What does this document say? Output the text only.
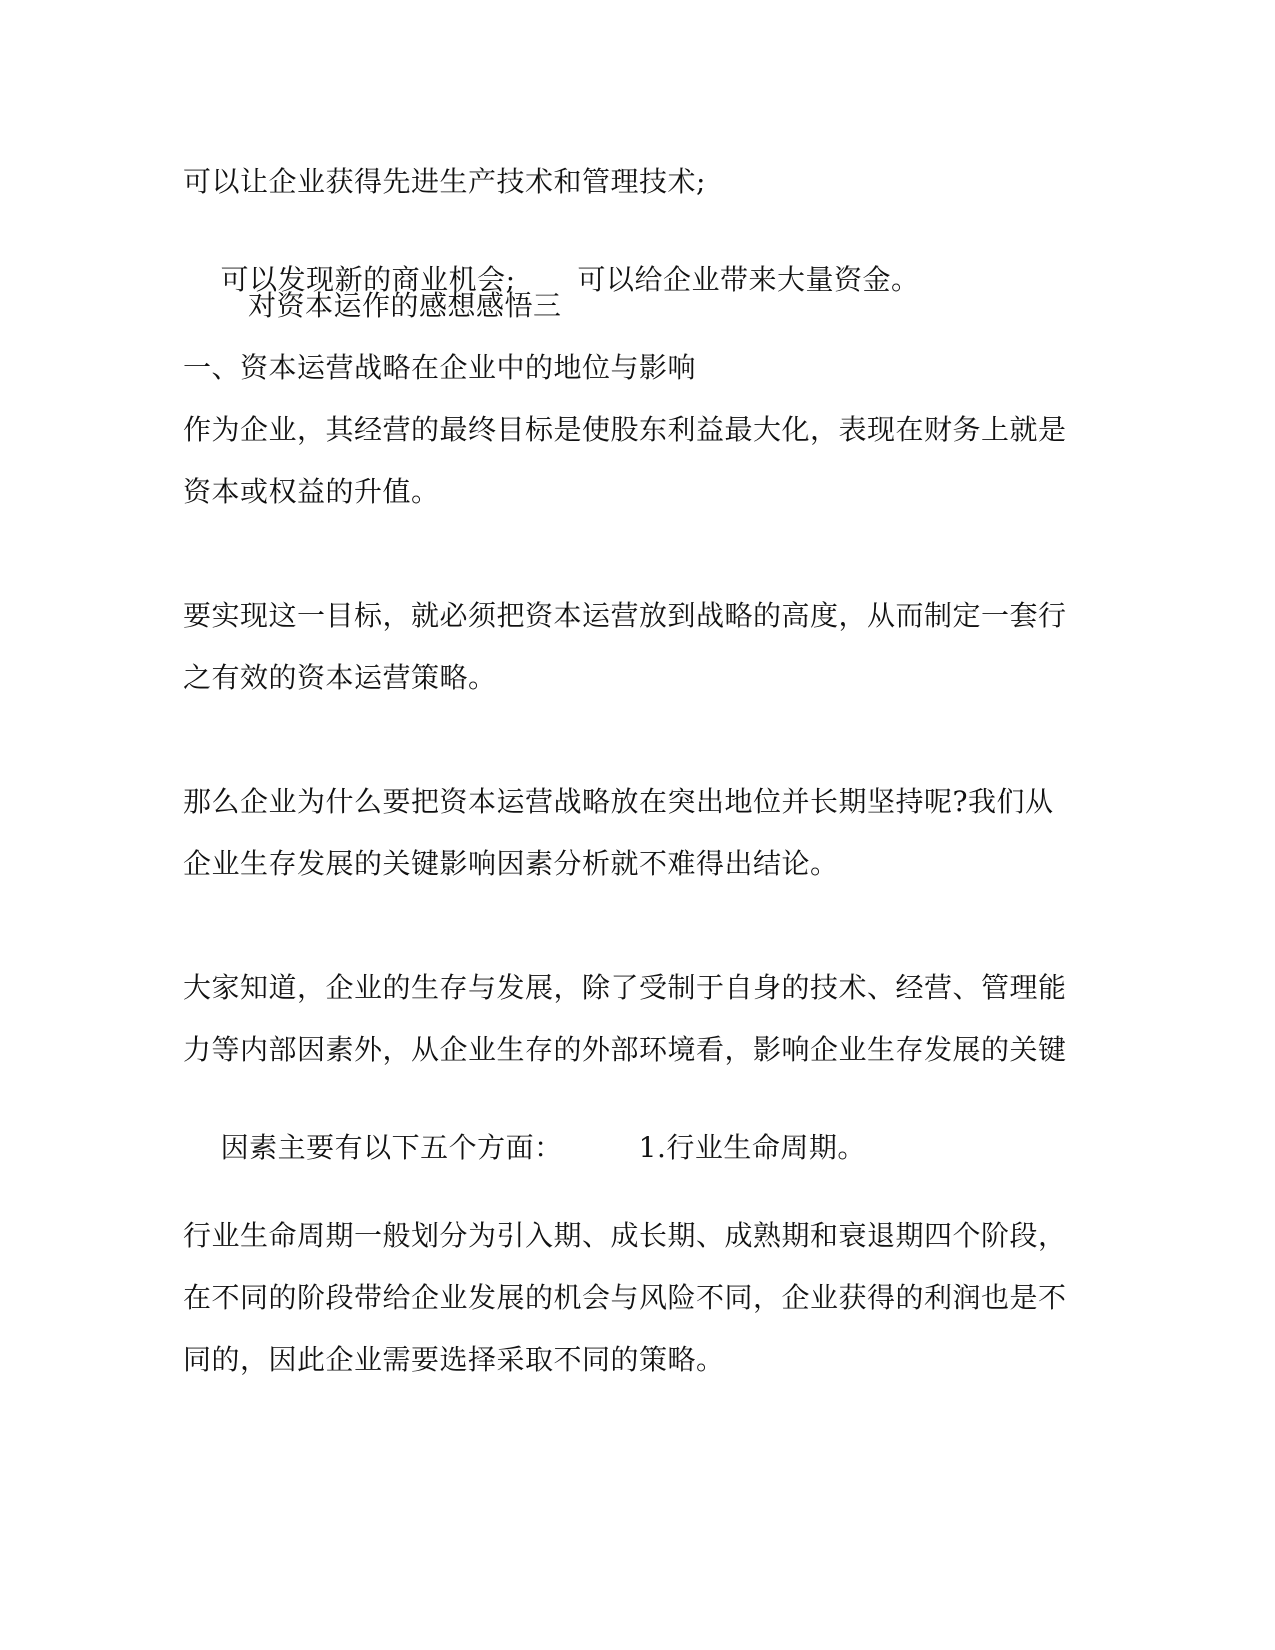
可以让企业获得先进生产技术和管理技术;

可以发现新的商业机会; 可以给企业带来大量资金。

对资本运作的感想感悟三

一、资本运营战略在企业中的地位与影响

作为企业，其经营的最终目标是使股东利益最大化，表现在财务上就是

资本或权益的升值。

要实现这一目标，就必须把资本运营放到战略的高度，从而制定一套行

之有效的资本运营策略。

那么企业为什么要把资本运营战略放在突出地位并长期坚持呢?我们从

企业生存发展的关键影响因素分析就不难得出结论。

大家知道，企业的生存与发展，除了受制于自身的技术、经营、管理能

力等内部因素外，从企业生存的外部环境看，影响企业生存发展的关键

因素主要有以下五个方面：	1.行业生命周期。

行业生命周期一般划分为引入期、成长期、成熟期和衰退期四个阶段，

在不同的阶段带给企业发展的机会与风险不同，企业获得的利润也是不

同的，因此企业需要选择采取不同的策略。
